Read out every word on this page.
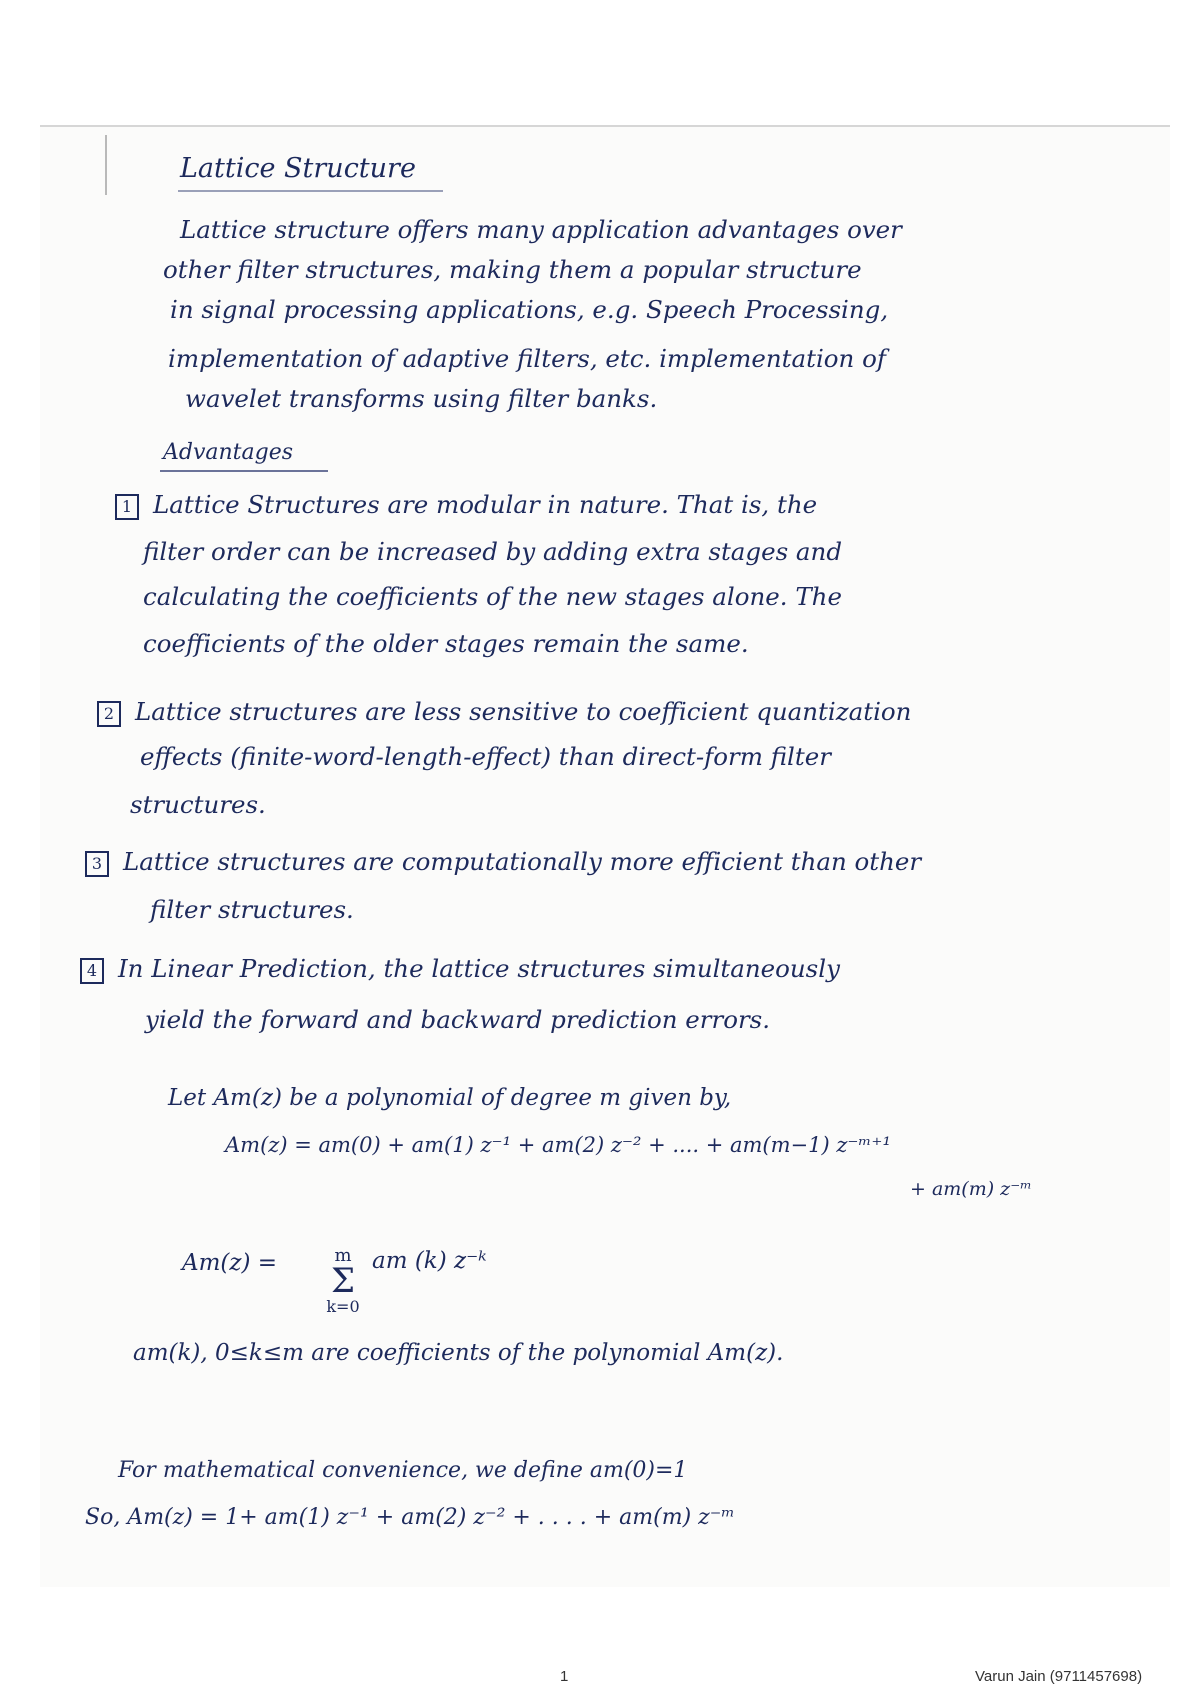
Lattice Structure
Lattice structure offers many application advantages over
other filter structures, making them a popular structure
in signal processing applications, e.g. Speech Processing,
implementation of adaptive filters, etc. implementation of
wavelet transforms using filter banks.
Advantages
1 Lattice Structures are modular in nature. That is, the
filter order can be increased by adding extra stages and
calculating the coefficients of the new stages alone. The
coefficients of the older stages remain the same.
2 Lattice structures are less sensitive to coefficient quantization
effects (finite-word-length-effect) than direct-form filter
structures.
3 Lattice structures are computationally more efficient than other
filter structures.
4 In Linear Prediction, the lattice structures simultaneously
yield the forward and backward prediction errors.
Let Am(z) be a polynomial of degree m given by,
Am(z) = am(0) + am(1) z⁻¹ + am(2) z⁻² + .... + am(m−1) z⁻ᵐ⁺¹
+ am(m) z⁻ᵐ
Am(z) =	m
Σ
k=0
am (k) z⁻ᵏ
am(k), 0≤k≤m are coefficients of the polynomial Am(z).
For mathematical convenience, we define am(0)=1
So, Am(z) = 1+ am(1) z⁻¹ + am(2) z⁻² + . . . . + am(m) z⁻ᵐ
1	Varun Jain (9711457698)
